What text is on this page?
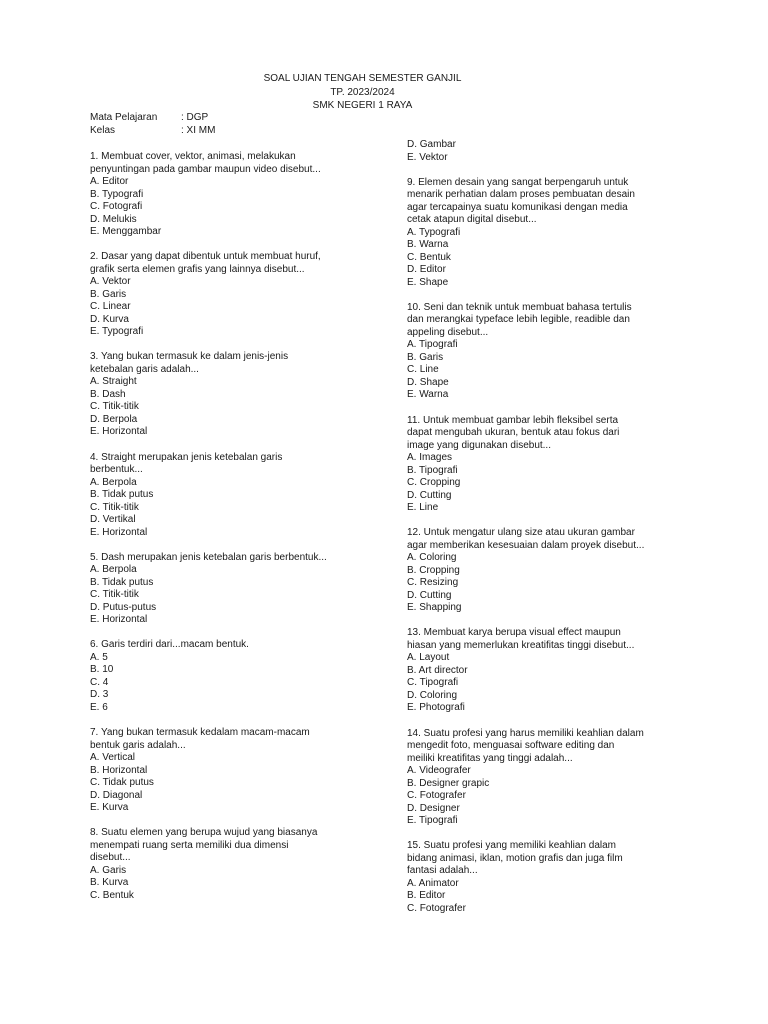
SOAL UJIAN TENGAH SEMESTER GANJIL
TP. 2023/2024
SMK NEGERI 1 RAYA
Mata Pelajaran	: DGP
Kelas	: XI MM

1. Membuat cover, vektor, animasi, melakukan

penyuntingan pada gambar maupun video disebut...

A. Editor
B. Typografi
C. Fotografi
D. Melukis
E. Menggambar

2. Dasar yang dapat dibentuk untuk membuat huruf,

grafik serta elemen grafis yang lainnya disebut...

A. Vektor
B. Garis
C. Linear
D. Kurva
E. Typografi

3. Yang bukan termasuk ke dalam jenis-jenis

ketebalan garis adalah...

A. Straight
B. Dash
C. Titik-titik
D. Berpola
E. Horizontal

4. Straight merupakan jenis ketebalan garis

berbentuk...

A. Berpola
B. Tidak putus
C. Titik-titik
D. Vertikal
E. Horizontal

5. Dash merupakan jenis ketebalan garis berbentuk...

A. Berpola
B. Tidak putus
C. Titik-titik
D. Putus-putus
E. Horizontal

6. Garis terdiri dari...macam bentuk.

A. 5
B. 10
C. 4
D. 3
E. 6

7. Yang bukan termasuk kedalam macam-macam

bentuk garis adalah...

A. Vertical
B. Horizontal
C. Tidak putus
D. Diagonal
E. Kurva

8. Suatu elemen yang berupa wujud yang biasanya

menempati ruang serta memiliki dua dimensi

disebut...

A. Garis
B. Kurva
C. Bentuk
D. Gambar
E. Vektor

9. Elemen desain yang sangat berpengaruh untuk

menarik perhatian dalam proses pembuatan desain

agar tercapainya suatu komunikasi dengan media

cetak atapun digital disebut...

A. Typografi
B. Warna
C. Bentuk
D. Editor
E. Shape

10. Seni dan teknik untuk membuat bahasa tertulis

dan merangkai typeface lebih legible, readible dan

appeling disebut...

A. Tipografi
B. Garis
C. Line
D. Shape
E. Warna

11. Untuk membuat gambar lebih fleksibel serta

dapat mengubah ukuran, bentuk atau fokus dari

image yang digunakan disebut...

A. Images
B. Tipografi
C. Cropping
D. Cutting
E. Line

12. Untuk mengatur ulang size atau ukuran gambar

agar memberikan kesesuaian dalam proyek disebut...

A. Coloring
B. Cropping
C. Resizing
D. Cutting
E. Shapping

13. Membuat karya berupa visual effect maupun

hiasan yang memerlukan kreatifitas tinggi disebut...

A. Layout
B. Art director
C. Tipografi
D. Coloring
E. Photografi

14. Suatu profesi yang harus memiliki keahlian dalam

mengedit foto, menguasai software editing dan

meiliki kreatifitas yang tinggi adalah...

A. Videografer
B. Designer grapic
C. Fotografer
D. Designer
E. Tipografi

15. Suatu profesi yang memiliki keahlian dalam

bidang animasi, iklan, motion grafis dan juga film

fantasi adalah...

A. Animator
B. Editor
C. Fotografer
